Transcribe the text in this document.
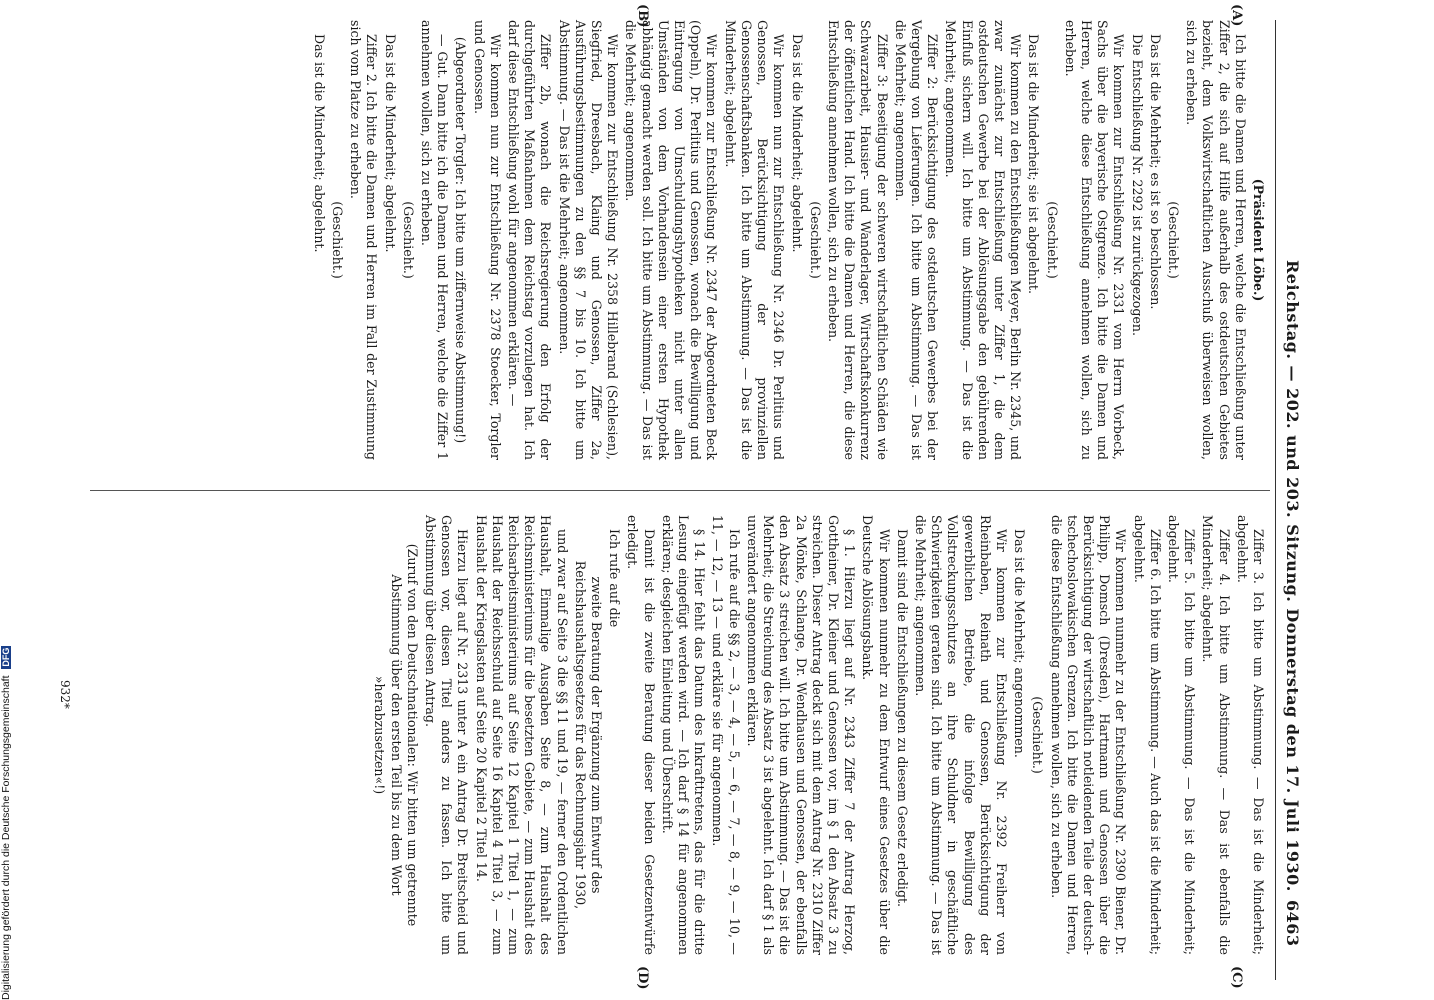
Reichstag. — 202. und 203. Sitzung. Donnerstag den 17. Juli 1930.
6463
(A)
(B)
(C)
(D)

(Präsident Löbe.)

Ich bitte die Damen und Herren, welche die Entschließung unter Ziffer 2, die sich auf Hilfe außerhalb des ostdeutschen Gebietes bezieht, dem Volkswirtschaftlichen Ausschuß überweisen wollen, sich zu erheben.

(Geschieht.)

Das ist die Mehrheit; es ist so beschlossen.

Die Entschließung Nr. 2292 ist zurückgezogen.

Wir kommen zur Entschließung Nr. 2331 vom Herrn Vorbeck, Sachs über die bayerische Ostgrenze. Ich bitte die Damen und Herren, welche diese Entschließung annehmen wollen, sich zu erheben.

(Geschieht.)

Das ist die Minderheit; sie ist abgelehnt.

Wir kommen zu den Entschließungen Meyer, Berlin Nr. 2345, und zwar zunächst zur Entschließung unter Ziffer 1, die dem ostdeutschen Gewerbe bei der Ablösungsgabe den gebührenden Einfluß sichern will. Ich bitte um Abstimmung. — Das ist die Mehrheit; angenommen.

Ziffer 2: Berücksichtigung des ostdeutschen Gewerbes bei der Vergebung von Lieferungen. Ich bitte um Abstimmung. — Das ist die Mehrheit; angenommen.

Ziffer 3: Beseitigung der schweren wirtschaftlichen Schäden wie Schwarzarbeit, Hausier- und Wanderlager, Wirtschaftskonkurrenz der öffentlichen Hand. Ich bitte die Damen und Herren, die diese Entschließung annehmen wollen, sich zu erheben.

(Geschieht.)

Das ist die Minderheit; abgelehnt.

Wir kommen nun zur Entschließung Nr. 2346 Dr. Perlitius und Genossen, Berücksichtigung der provinziellen Genossenschaftsbanken. Ich bitte um Abstimmung. — Das ist die Minderheit; abgelehnt.

Wir kommen zur Entschließung Nr. 2347 der Abgeordneten Beck (Oppeln), Dr. Perlitius und Genossen, wonach die Bewilligung und Eintragung von Umschuldungshypotheken nicht unter allen Umständen von dem Vorhandensein einer ersten Hypothek abhängig gemacht werden soll. Ich bitte um Abstimmung. — Das ist die Mehrheit; angenommen.

Wir kommen zur Entschließung Nr. 2358 Hillebrand (Schlesien), Siegfried, Dreesbach, Klaing und Genossen, Ziffer 2a, Ausführungsbestimmungen zu den §§ 7 bis 10. Ich bitte um Abstimmung. — Das ist die Mehrheit; angenommen.

Ziffer 2b, wonach die Reichsregierung den Erfolg der durchgeführten Maßnahmen dem Reichstag vorzulegen hat. Ich darf diese Entschließung wohl für angenommen erklären. —

Wir kommen nun zur Entschließung Nr. 2378 Stoecker, Torgler und Genossen.

(Abgeordneter Torgler: Ich bitte um ziffernweise Abstimmung!)

— Gut. Dann bitte ich die Damen und Herren, welche die Ziffer 1 annehmen wollen, sich zu erheben.

(Geschieht.)

Das ist die Minderheit; abgelehnt.

Ziffer 2. Ich bitte die Damen und Herren im Fall der Zustimmung sich vom Platze zu erheben.

(Geschieht.)

Das ist die Minderheit; abgelehnt.

Ziffer 3. Ich bitte um Abstimmung. — Das ist die Minderheit; abgelehnt.

Ziffer 4. Ich bitte um Abstimmung. — Das ist ebenfalls die Minderheit; abgelehnt.

Ziffer 5. Ich bitte um Abstimmung. — Das ist die Minderheit; abgelehnt.

Ziffer 6. Ich bitte um Abstimmung. — Auch das ist die Minderheit; abgelehnt.

Wir kommen nunmehr zu der Entschließung Nr. 2390 Biener, Dr. Philipp, Domsch (Dresden), Hartmann und Genossen über die Berücksichtigung der wirtschaftlich notleidenden Teile der deutsch-tschechoslowakischen Grenzen. Ich bitte die Damen und Herren, die diese Entschließung annehmen wollen, sich zu erheben.

(Geschieht.)

Das ist die Mehrheit; angenommen.

Wir kommen zur Entschließung Nr. 2392 Freiherr von Rheinbaben, Reinath und Genossen, Berücksichtigung der gewerblichen Betriebe, die infolge Bewilligung des Vollstreckungsschutzes an ihre Schuldner in geschäftliche Schwierigkeiten geraten sind. Ich bitte um Abstimmung. — Das ist die Mehrheit; angenommen.

Damit sind die Entschließungen zu diesem Gesetz erledigt.

Wir kommen nunmehr zu dem Entwurf eines Gesetzes über die Deutsche Ablösungsbank.

§ 1. Hierzu liegt auf Nr. 2343 Ziffer 7 der Antrag Herzog, Gottheiner, Dr. Kleiner und Genossen vor, im § 1 den Absatz 3 zu streichen. Dieser Antrag deckt sich mit dem Antrag Nr. 2310 Ziffer 2a Mönke, Schlange, Dr. Wendhausen und Genossen, der ebenfalls den Absatz 3 streichen will. Ich bitte um Abstimmung. — Das ist die Mehrheit; die Streichung des Absatz 3 ist abgelehnt. Ich darf § 1 als unverändert angenommen erklären.

Ich rufe auf die §§ 2, — 3, — 4, — 5, — 6, — 7, — 8, — 9, — 10, — 11, — 12, — 13 — und erkläre sie für angenommen.

§ 14. Hier fehlt das Datum des Inkrafttretens, das für die dritte Lesung eingefügt werden wird. — Ich darf § 14 für angenommen erklären; desgleichen Einleitung und Überschrift.

Damit ist die zweite Beratung dieser beiden Gesetzentwürfe erledigt.

Ich rufe auf die

zweite Beratung der Ergänzung zum Entwurf des Reichshaushaltsgesetzes für das Rechnungsjahr 1930,

und zwar auf Seite 3 die §§ 11 und 19, — ferner den Ordentlichen Haushalt, Einmalige Ausgaben Seite 8, — zum Haushalt des Reichsministeriums für die besetzten Gebiete, — zum Haushalt des Reichsarbeitsministeriums auf Seite 12 Kapitel 1 Titel 1, — zum Haushalt der Reichsschuld auf Seite 16 Kapitel 4 Titel 3, — zum Haushalt der Kriegslasten auf Seite 20 Kapitel 2 Titel 14.

Hierzu liegt auf Nr. 2313 unter A ein Antrag Dr. Breitscheid und Genossen vor, diesen Titel anders zu fassen. Ich bitte um Abstimmung über diesen Antrag.

(Zuruf von den Deutschnationalen: Wir bitten um getrennte Abstimmung über den ersten Teil bis zu dem Wort »herabzusetzen«!)

932*
Digitalisierung gefördert durch die Deutsche Forschungsgemeinschaft DFG
